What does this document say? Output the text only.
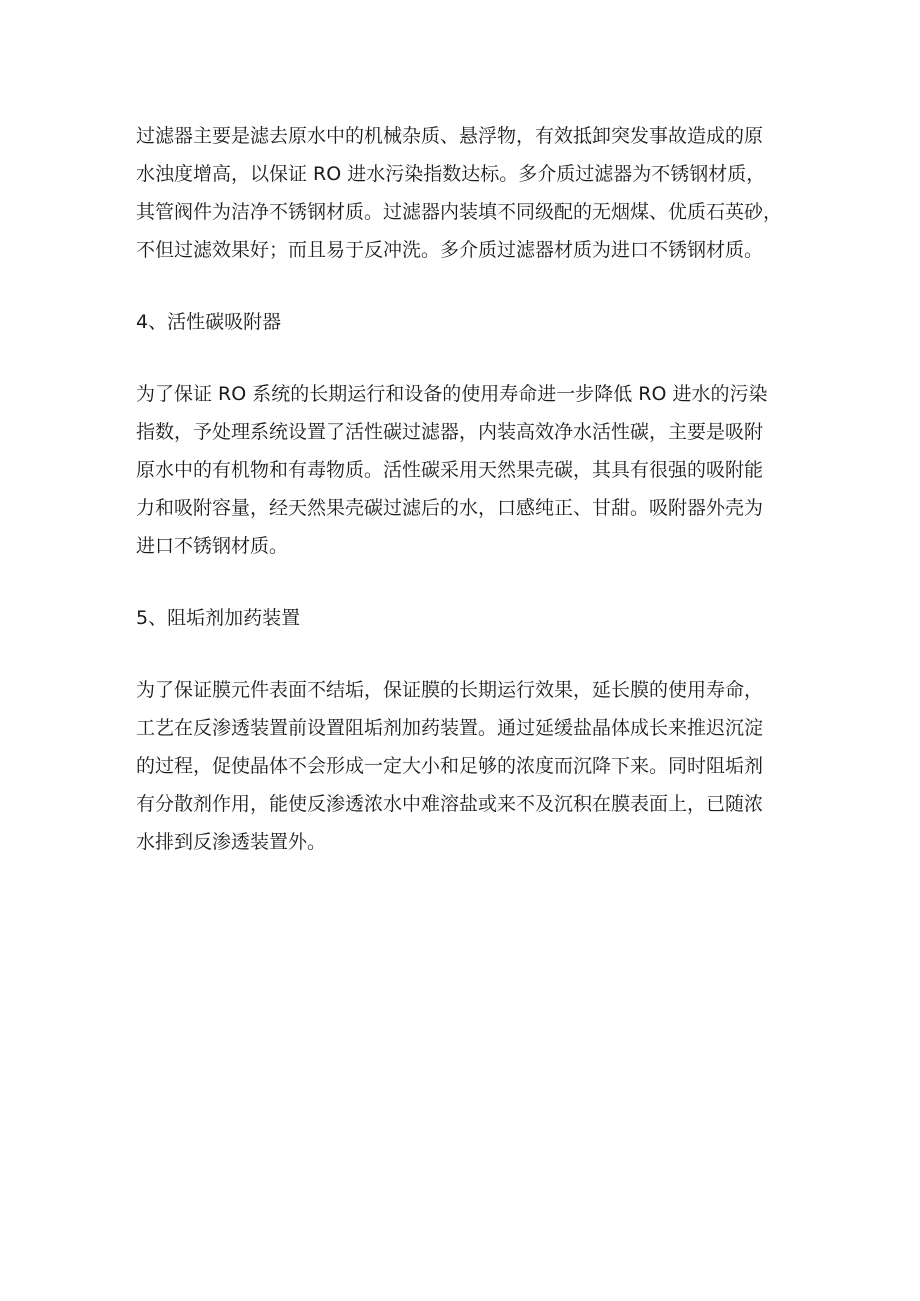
过滤器主要是滤去原水中的机械杂质、悬浮物，有效抵卸突发事故造成的原
水浊度增高，以保证 RO 进水污染指数达标。多介质过滤器为不锈钢材质，
其管阀件为洁净不锈钢材质。过滤器内装填不同级配的无烟煤、优质石英砂，
不但过滤效果好；而且易于反冲洗。多介质过滤器材质为进口不锈钢材质。
4、活性碳吸附器
为了保证 RO 系统的长期运行和设备的使用寿命进一步降低 RO 进水的污染
指数，予处理系统设置了活性碳过滤器，内装高效净水活性碳，主要是吸附
原水中的有机物和有毒物质。活性碳采用天然果壳碳，其具有很强的吸附能
力和吸附容量，经天然果壳碳过滤后的水，口感纯正、甘甜。吸附器外壳为
进口不锈钢材质。
5、阻垢剂加药装置
为了保证膜元件表面不结垢，保证膜的长期运行效果，延长膜的使用寿命，
工艺在反渗透装置前设置阻垢剂加药装置。通过延缓盐晶体成长来推迟沉淀
的过程，促使晶体不会形成一定大小和足够的浓度而沉降下来。同时阻垢剂
有分散剂作用，能使反渗透浓水中难溶盐或来不及沉积在膜表面上，已随浓
水排到反渗透装置外。
